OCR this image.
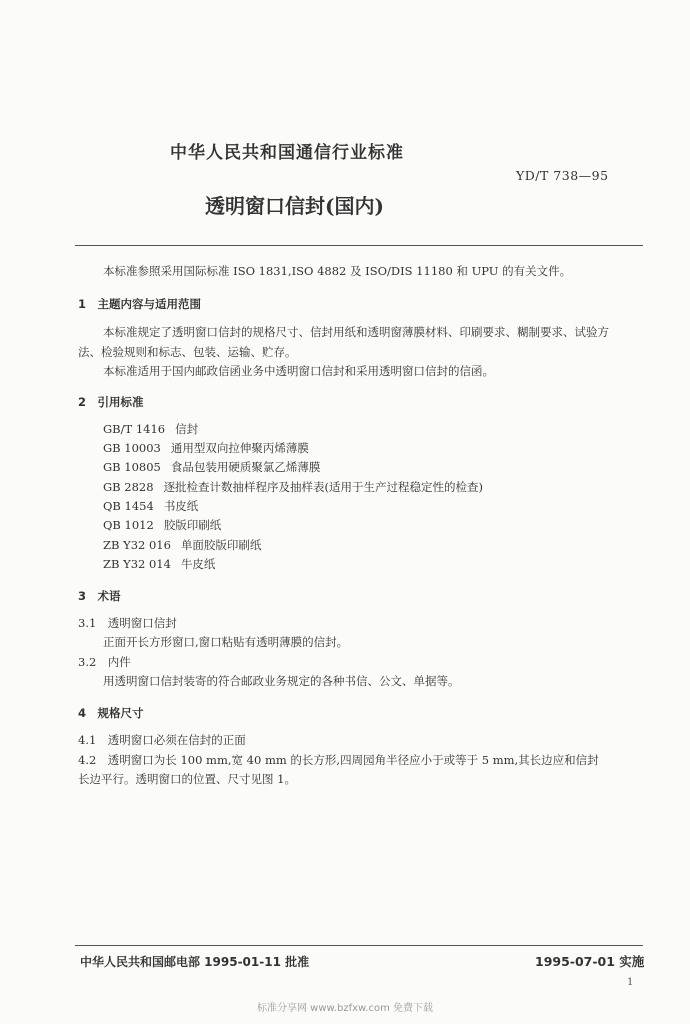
中华人民共和国通信行业标准
YD/T 738—95
透明窗口信封(国内)
本标准参照采用国际标准 ISO 1831,ISO 4882 及 ISO/DIS 11180 和 UPU 的有关文件。
1　主题内容与适用范围
本标准规定了透明窗口信封的规格尺寸、信封用纸和透明窗薄膜材料、印刷要求、糊制要求、试验方
法、检验规则和标志、包装、运输、贮存。
本标准适用于国内邮政信函业务中透明窗口信封和采用透明窗口信封的信函。
2　引用标准
GB/T 1416 信封
GB 10003 通用型双向拉伸聚丙烯薄膜
GB 10805 食品包装用硬质聚氯乙烯薄膜
GB 2828 逐批检查计数抽样程序及抽样表(适用于生产过程稳定性的检查)
QB 1454 书皮纸
QB 1012 胶版印刷纸
ZB Y32 016 单面胶版印刷纸
ZB Y32 014 牛皮纸
3　术语
3.1　透明窗口信封
正面开长方形窗口,窗口粘贴有透明薄膜的信封。
3.2　内件
用透明窗口信封装寄的符合邮政业务规定的各种书信、公文、单据等。
4　规格尺寸
4.1　透明窗口必须在信封的正面
4.2　透明窗口为长 100 mm,宽 40 mm 的长方形,四周园角半径应小于或等于 5 mm,其长边应和信封
长边平行。透明窗口的位置、尺寸见图 1。
中华人民共和国邮电部 1995-01-11 批准	1995-07-01 实施
1
标准分享网 www.bzfxw.com 免费下载
